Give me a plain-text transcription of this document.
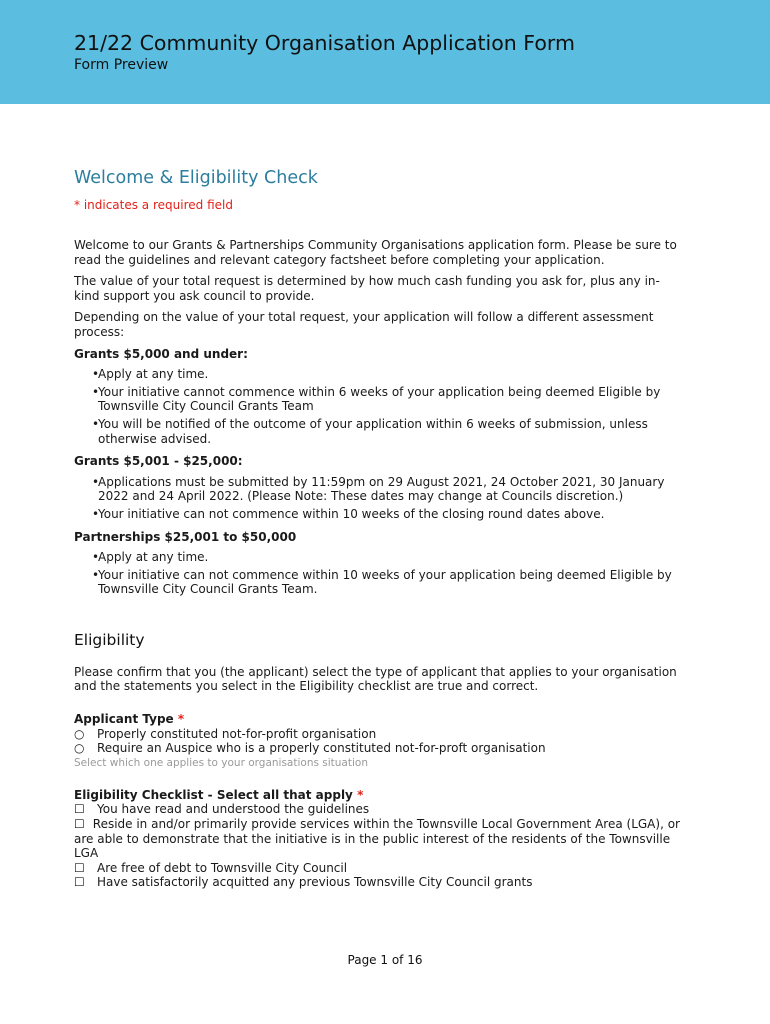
21/22 Community Organisation Application Form
Form Preview
Welcome & Eligibility Check
* indicates a required field

Welcome to our Grants & Partnerships Community Organisations application form. Please be sure to read the guidelines and relevant category factsheet before completing your application.

The value of your total request is determined by how much cash funding you ask for, plus any in-kind support you ask council to provide.

Depending on the value of your total request, your application will follow a different assessment process:

Grants $5,000 and under:
• Apply at any time.
• Your initiative cannot commence within 6 weeks of your application being deemed Eligible by Townsville City Council Grants Team
• You will be notified of the outcome of your application within 6 weeks of submission, unless otherwise advised.
Grants $5,001 - $25,000:
• Applications must be submitted by 11:59pm on 29 August 2021, 24 October 2021, 30 January 2022 and 24 April 2022. (Please Note: These dates may change at Councils discretion.)
• Your initiative can not commence within 10 weeks of the closing round dates above.
Partnerships $25,001 to $50,000
• Apply at any time.
• Your initiative can not commence within 10 weeks of your application being deemed Eligible by Townsville City Council Grants Team.
Eligibility

Please confirm that you (the applicant) select the type of applicant that applies to your organisation and the statements you select in the Eligibility checklist are true and correct.

Applicant Type *
○ Properly constituted not-for-profit organisation
○ Require an Auspice who is a properly constituted not-for-proft organisation
Select which one applies to your organisations situation
Eligibility Checklist - Select all that apply *
☐ You have read and understood the guidelines
☐ Reside in and/or primarily provide services within the Townsville Local Government Area (LGA), or are able to demonstrate that the initiative is in the public interest of the residents of the Townsville LGA
☐ Are free of debt to Townsville City Council
☐ Have satisfactorily acquitted any previous Townsville City Council grants
Page 1 of 16
